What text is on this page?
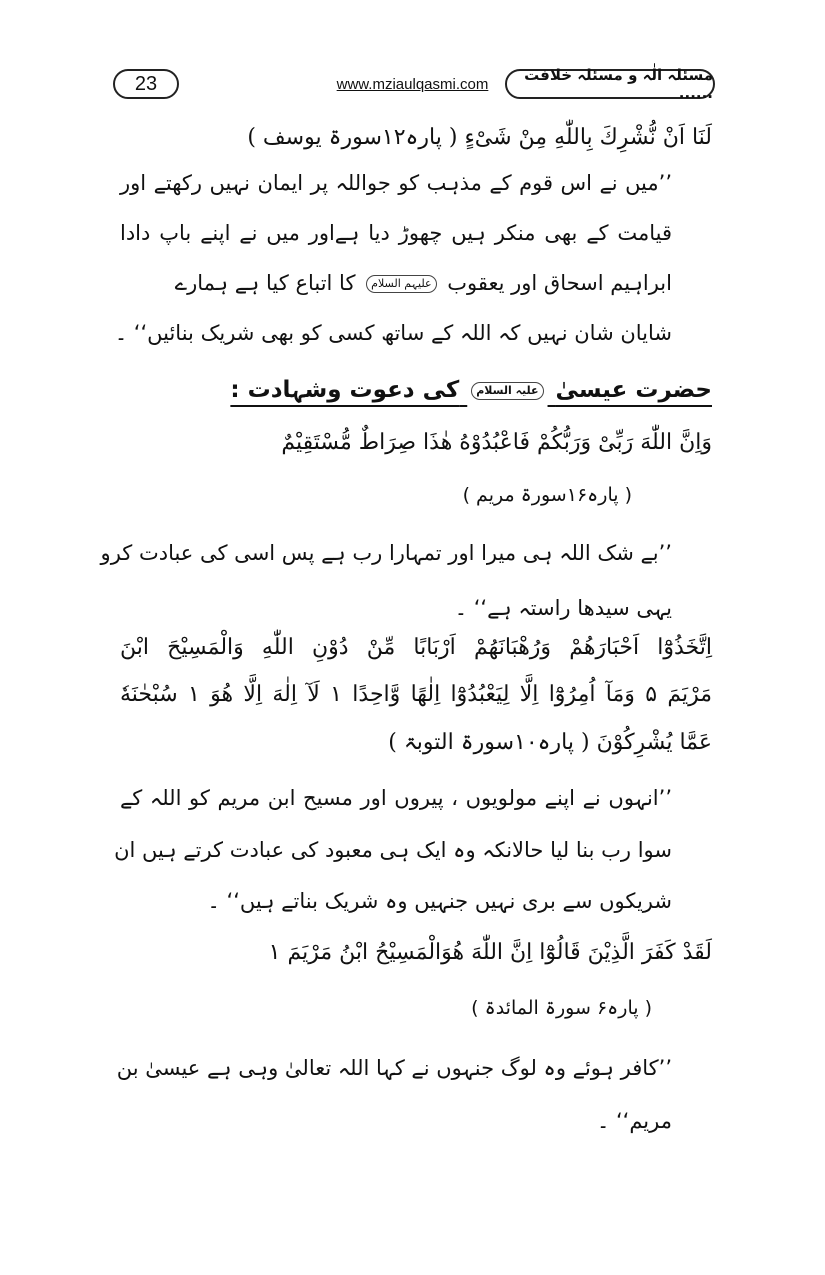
23	www.mziaulqasmi.com
مسئلہ الٰہ و مسئلہ خلافت ......
لَنَا اَنْ نُّشْرِكَ بِاللّٰهِ مِنْ شَیْءٍ ( پارہ۱۲سورۃ یوسف )
’’میں نے اس قوم کے مذہب کو جواللہ پر ایمان نہیں رکھتے اور
قیامت کے بھی منکر ہیں چھوڑ دیا ہےاور میں نے اپنے باپ دادا
ابراہیم اسحاق اور یعقوب علیہم السلام کا اتباع کیا ہے ہمارے
شایان شان نہیں کہ اللہ کے ساتھ کسی کو بھی شریک بنائیں‘‘ ۔
حضرت عیسیٰ علیہ السلام کی دعوت وشہادت :
وَاِنَّ اللّٰهَ رَبِّیْ وَرَبُّكُمْ فَاعْبُدُوْهُ هٰذَا صِرَاطٌ مُّسْتَقِیْمٌ
( پارہ۱۶سورۃ مریم )
’’بے شک اللہ ہی میرا اور تمہارا رب ہے پس اسی کی عبادت کرو
یہی سیدھا راستہ ہے‘‘ ۔
اِتَّخَذُوْٓا اَحْبَارَهُمْ وَرُهْبَانَهُمْ اَرْبَابًا مِّنْ دُوْنِ اللّٰهِ وَالْمَسِیْحَ ابْنَ
مَرْیَمَ ۵ وَمَآ اُمِرُوْٓا اِلَّا لِیَعْبُدُوْٓا اِلٰهًا وَّاحِدًا ۱ لَآ اِلٰهَ اِلَّا هُوَ ۱ سُبْحٰنَهٗ
عَمَّا یُشْرِكُوْنَ ( پارہ۱۰سورۃ التوبۃ )
’’انہوں نے اپنے مولویوں ، پیروں اور مسیح ابن مریم کو اللہ کے
سوا رب بنا لیا حالانکہ وہ ایک ہی معبود کی عبادت کرتے ہیں ان
شریکوں سے بری نہیں جنہیں وہ شریک بناتے ہیں‘‘ ۔
لَقَدْ كَفَرَ الَّذِیْنَ قَالُوْٓا اِنَّ اللّٰهَ هُوَالْمَسِیْحُ ابْنُ مَرْیَمَ ۱
( پارہ۶ سورۃ المائدۃ )
’’کافر ہوئے وہ لوگ جنہوں نے کہا اللہ تعالیٰ وہی ہے عیسیٰ بن
مریم‘‘ ۔
